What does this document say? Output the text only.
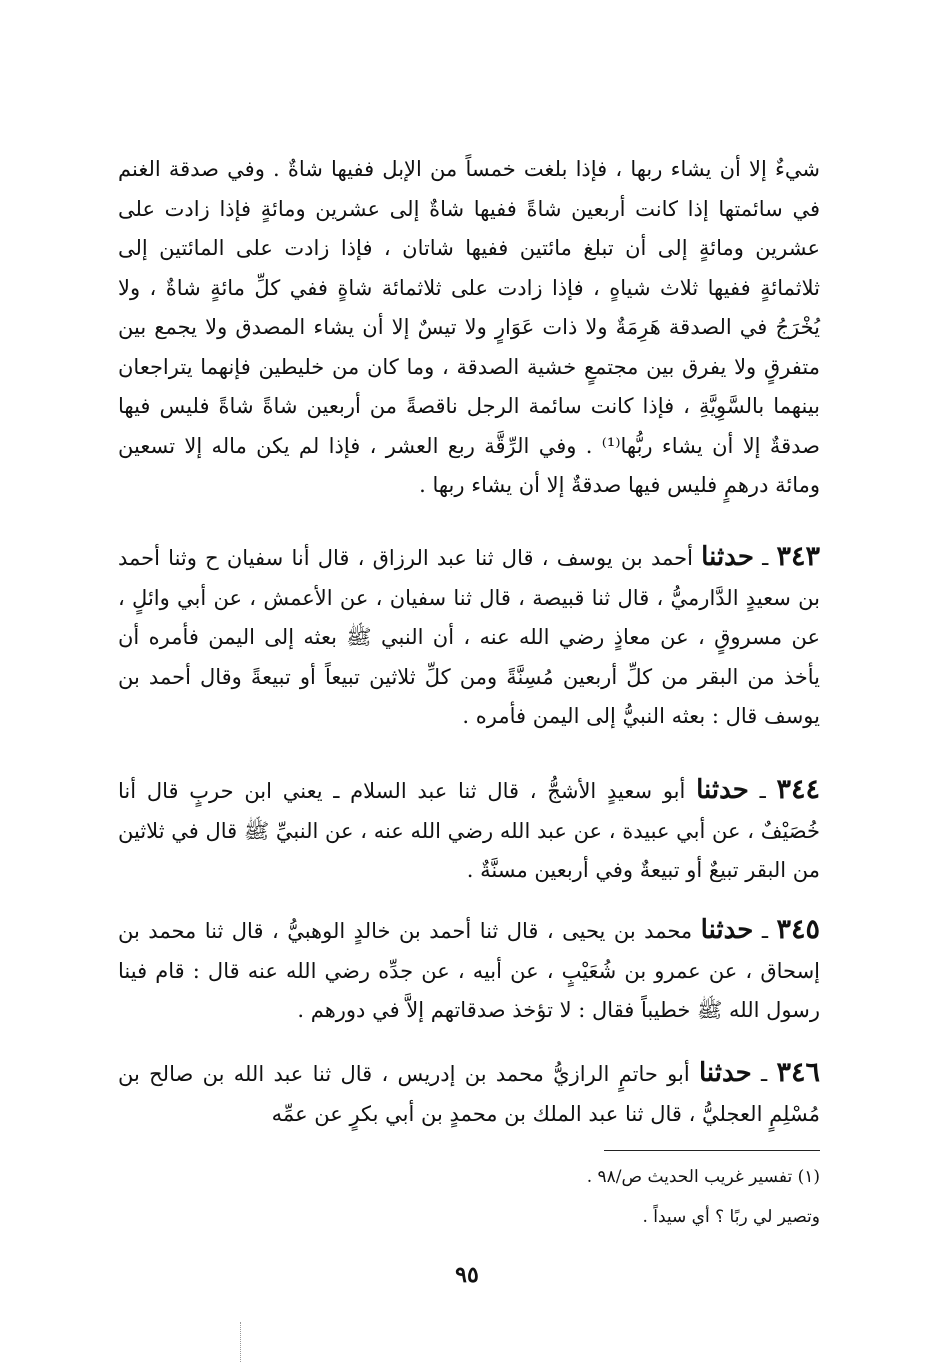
شيءٌ إلا أن يشاء ربها ، فإذا بلغت خمساً من الإبل ففيها شاةٌ . وفي صدقة الغنم في سائمتها إذا كانت أربعين شاةً ففيها شاةٌ إلى عشرين ومائةٍ فإذا زادت على عشرين ومائةٍ إلى أن تبلغ مائتين ففيها شاتان ، فإذا زادت على المائتين إلى ثلاثمائةٍ ففيها ثلاث شياهٍ ، فإذا زادت على ثلاثمائة شاةٍ ففي كلِّ مائةٍ شاةٌ ، ولا يُخْرَجُ في الصدقة هَرِمَةٌ ولا ذات عَوَارٍ ولا تيسٌ إلا أن يشاء المصدق ولا يجمع بين متفرقٍ ولا يفرق بين مجتمعٍ خشية الصدقة ، وما كان من خليطين فإنهما يتراجعان بينهما بالسَّوِيَّةِ ، فإذا كانت سائمة الرجل ناقصةً من أربعين شاةً شاةً فليس فيها صدقةٌ إلا أن يشاء ربُّها⁽¹⁾ . وفي الرِّقَّة ربع العشر ، فإذا لم يكن ماله إلا تسعين ومائة درهمٍ فليس فيها صدقةٌ إلا أن يشاء ربها .

٣٤٣ ـ حدثنا أحمد بن يوسف ، قال ثنا عبد الرزاق ، قال أنا سفيان ح وثنا أحمد بن سعيدٍ الدَّارميُّ ، قال ثنا قبيصة ، قال ثنا سفيان ، عن الأعمش ، عن أبي وائلٍ ، عن مسروقٍ ، عن معاذٍ رضي الله عنه ، أن النبي ﷺ بعثه إلى اليمن فأمره أن يأخذ من البقر من كلِّ أربعين مُسِنَّةً ومن كلِّ ثلاثين تبيعاً أو تبيعةً وقال أحمد بن يوسف قال : بعثه النبيُّ إلى اليمن فأمره .

٣٤٤ ـ حدثنا أبو سعيدٍ الأشجُّ ، قال ثنا عبد السلام ـ يعني ابن حربٍ قال أنا خُصَيْفٌ ، عن أبي عبيدة ، عن عبد الله رضي الله عنه ، عن النبيِّ ﷺ قال في ثلاثين من البقر تبيعٌ أو تبيعةٌ وفي أربعين مسنَّةٌ .

٣٤٥ ـ حدثنا محمد بن يحيى ، قال ثنا أحمد بن خالدٍ الوهبيُّ ، قال ثنا محمد بن إسحاق ، عن عمرو بن شُعَيْبٍ ، عن أبيه ، عن جدِّه رضي الله عنه قال : قام فينا رسول الله ﷺ خطيباً فقال : لا تؤخذ صدقاتهم إلاَّ في دورهم .

٣٤٦ ـ حدثنا أبو حاتمٍ الرازيُّ محمد بن إدريس ، قال ثنا عبد الله بن صالح بن مُسْلِمٍ العجليُّ ، قال ثنا عبد الملك بن محمدٍ بن أبي بكرٍ عن عمِّه

(١) تفسير غريب الحديث ص/٩٨ .

وتصير لي ربًا ؟ أي سيداً .

٩٥
